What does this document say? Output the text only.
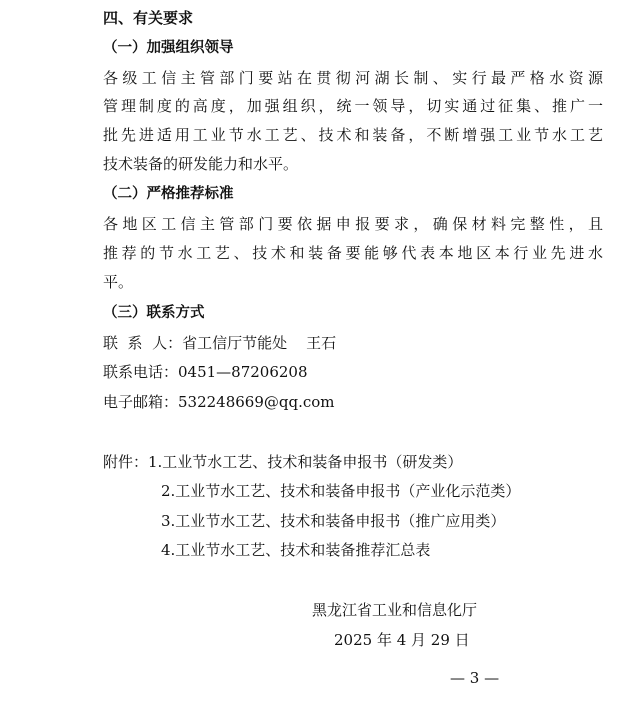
四、有关要求
（一）加强组织领导
各级工信主管部门要站在贯彻河湖长制、实行最严格水资源
管理制度的高度，加强组织，统一领导，切实通过征集、推广一
批先进适用工业节水工艺、技术和装备，不断增强工业节水工艺
技术装备的研发能力和水平。
（二）严格推荐标准
各地区工信主管部门要依据申报要求，确保材料完整性，且
推荐的节水工艺、技术和装备要能够代表本地区本行业先进水
平。
（三）联系方式
联  系  人：省工信厅节能处    王石
联系电话：0451—87206208
电子邮箱：532248669@qq.com
附件：1.工业节水工艺、技术和装备申报书（研发类）
2.工业节水工艺、技术和装备申报书（产业化示范类）
3.工业节水工艺、技术和装备申报书（推广应用类）
4.工业节水工艺、技术和装备推荐汇总表
黑龙江省工业和信息化厅
2025 年 4 月 29 日
— 3 —
